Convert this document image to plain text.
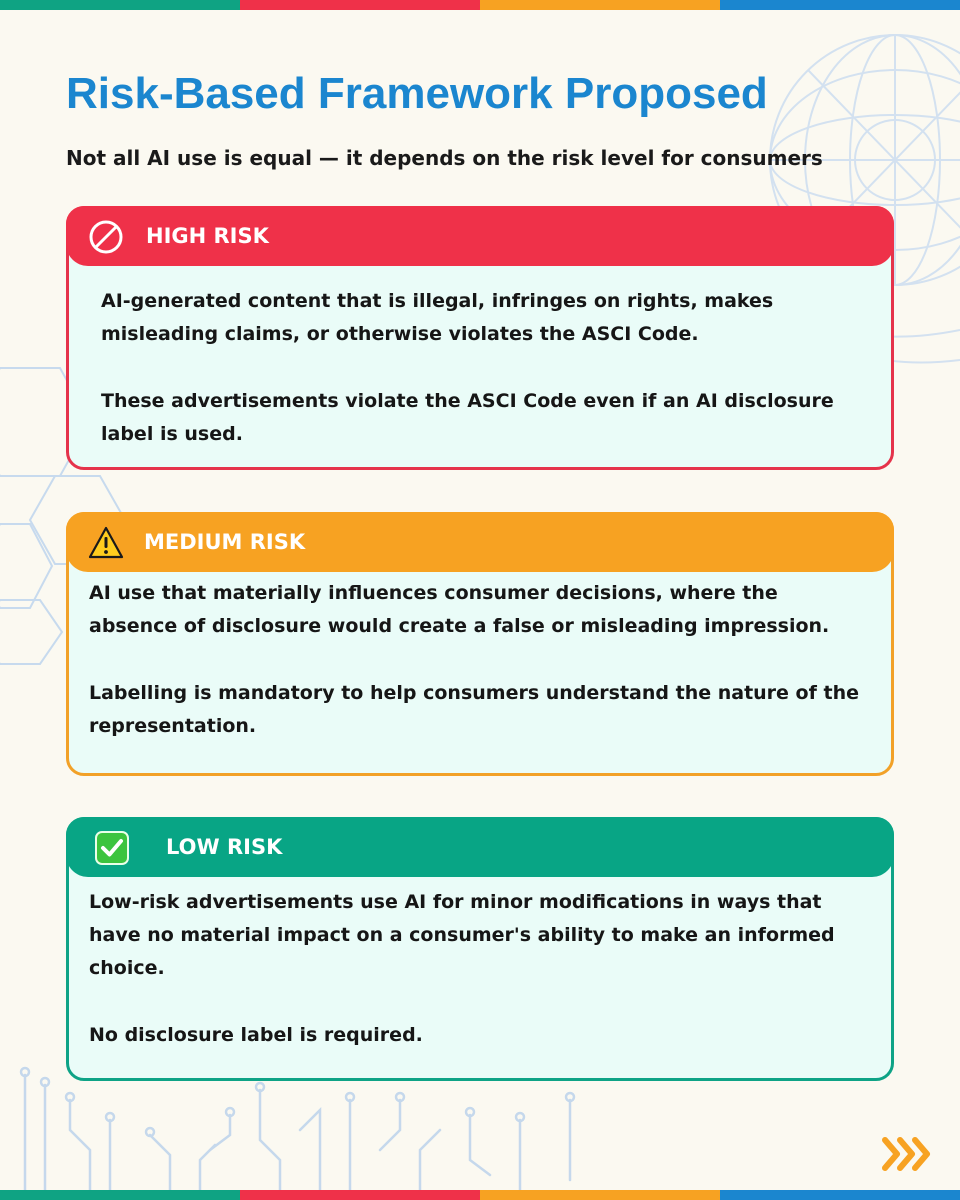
Risk-Based Framework Proposed

Not all AI use is equal — it depends on the risk level for consumers

HIGH RISK

AI-generated content that is illegal, infringes on rights, makes misleading claims, or otherwise violates the ASCI Code.

These advertisements violate the ASCI Code even if an AI disclosure label is used.

MEDIUM RISK

AI use that materially influences consumer decisions, where the absence of disclosure would create a false or misleading impression.

Labelling is mandatory to help consumers understand the nature of the representation.

LOW RISK

Low-risk advertisements use AI for minor modifications in ways that have no material impact on a consumer's ability to make an informed choice.

No disclosure label is required.
